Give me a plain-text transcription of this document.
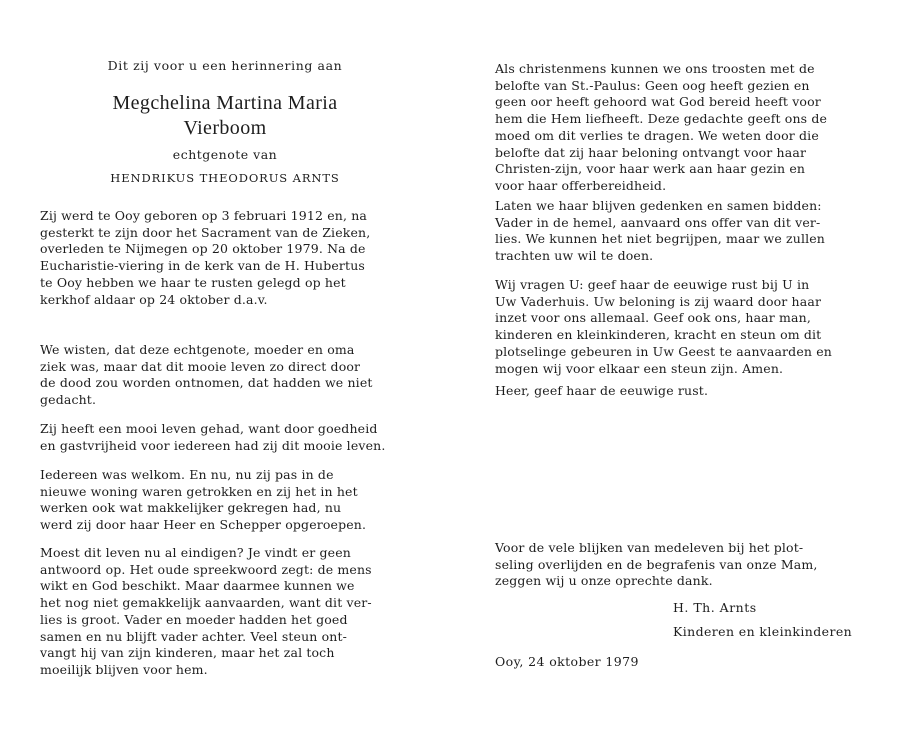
Dit zij voor u een herinnering aan
Megchelina Martina Maria
Vierboom
echtgenote van
HENDRIKUS THEODORUS ARNTS
Zij werd te Ooy geboren op 3 februari 1912 en, na
gesterkt te zijn door het Sacrament van de Zieken,
overleden te Nijmegen op 20 oktober 1979. Na de
Eucharistie-viering in de kerk van de H. Hubertus
te Ooy hebben we haar te rusten gelegd op het
kerkhof aldaar op 24 oktober d.a.v.
We wisten, dat deze echtgenote, moeder en oma
ziek was, maar dat dit mooie leven zo direct door
de dood zou worden ontnomen, dat hadden we niet
gedacht.
Zij heeft een mooi leven gehad, want door goedheid
en gastvrijheid voor iedereen had zij dit mooie leven.
Iedereen was welkom. En nu, nu zij pas in de
nieuwe woning waren getrokken en zij het in het
werken ook wat makkelijker gekregen had, nu
werd zij door haar Heer en Schepper opgeroepen.
Moest dit leven nu al eindigen? Je vindt er geen
antwoord op. Het oude spreekwoord zegt: de mens
wikt en God beschikt. Maar daarmee kunnen we
het nog niet gemakkelijk aanvaarden, want dit ver-
lies is groot. Vader en moeder hadden het goed
samen en nu blijft vader achter. Veel steun ont-
vangt hij van zijn kinderen, maar het zal toch
moeilijk blijven voor hem.
Als christenmens kunnen we ons troosten met de
belofte van St.-Paulus: Geen oog heeft gezien en
geen oor heeft gehoord wat God bereid heeft voor
hem die Hem liefheeft. Deze gedachte geeft ons de
moed om dit verlies te dragen. We weten door die
belofte dat zij haar beloning ontvangt voor haar
Christen-zijn, voor haar werk aan haar gezin en
voor haar offerbereidheid.
Laten we haar blijven gedenken en samen bidden:
Vader in de hemel, aanvaard ons offer van dit ver-
lies. We kunnen het niet begrijpen, maar we zullen
trachten uw wil te doen.
Wij vragen U: geef haar de eeuwige rust bij U in
Uw Vaderhuis. Uw beloning is zij waard door haar
inzet voor ons allemaal. Geef ook ons, haar man,
kinderen en kleinkinderen, kracht en steun om dit
plotselinge gebeuren in Uw Geest te aanvaarden en
mogen wij voor elkaar een steun zijn. Amen.
Heer, geef haar de eeuwige rust.
Voor de vele blijken van medeleven bij het plot-
seling overlijden en de begrafenis van onze Mam,
zeggen wij u onze oprechte dank.
H. Th. Arnts
Kinderen en kleinkinderen
Ooy, 24 oktober 1979
